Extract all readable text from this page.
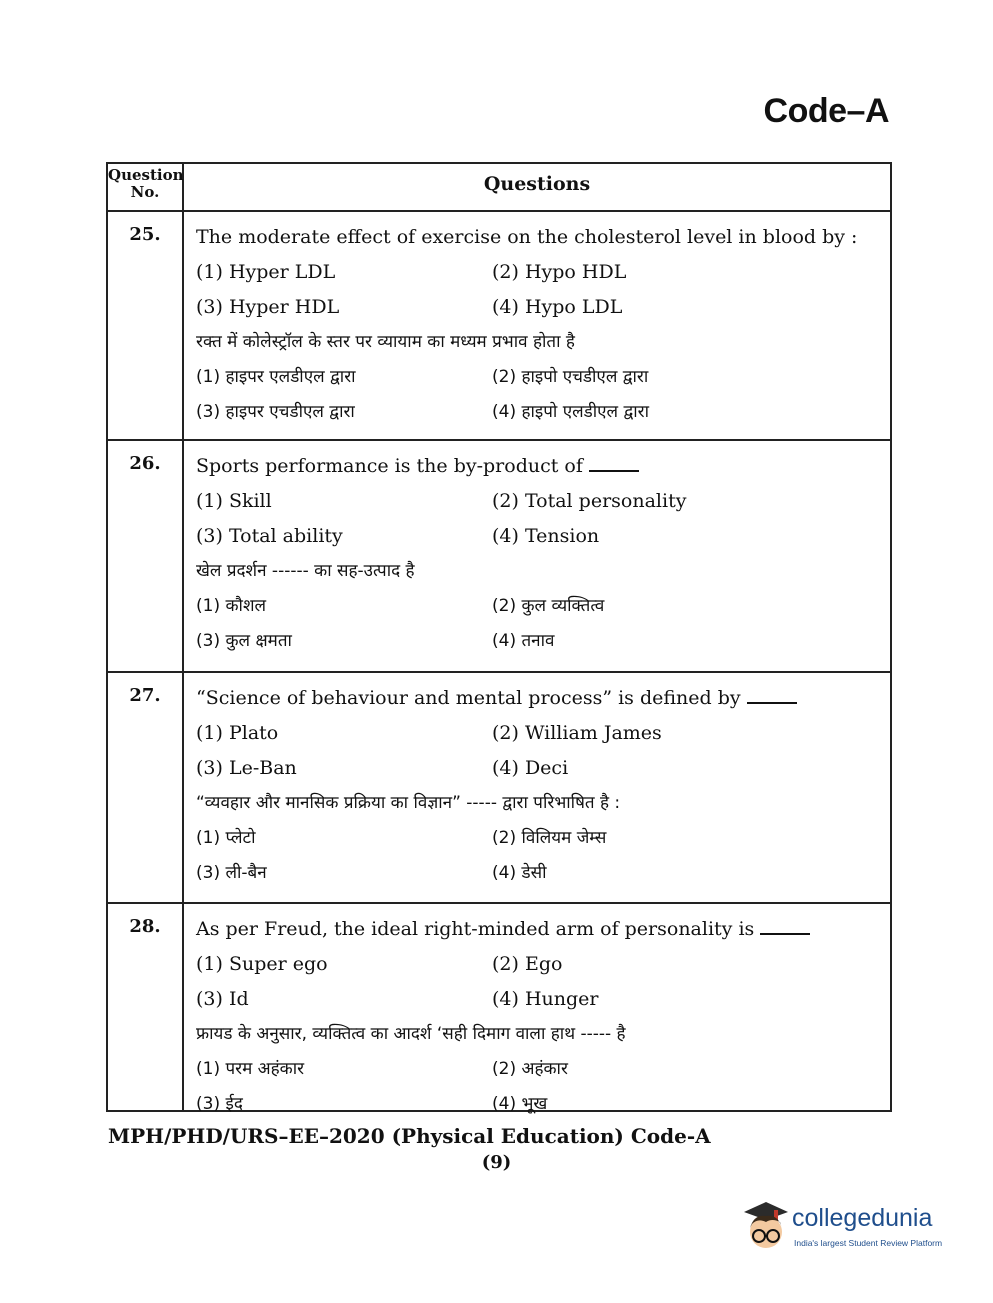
Code–A
Question No.	Questions
25.	The moderate effect of exercise on the cholesterol level in blood by :
(1) Hyper LDL	(2) Hypo HDL
(3) Hyper HDL	(4) Hypo LDL
रक्त में कोलेस्ट्रॉल के स्तर पर व्यायाम का मध्यम प्रभाव होता है
(1) हाइपर एलडीएल द्वारा	(2) हाइपो एचडीएल द्वारा
(3) हाइपर एचडीएल द्वारा	(4) हाइपो एलडीएल द्वारा
26.	Sports performance is the by-product of
(1) Skill	(2) Total personality
(3) Total ability	(4) Tension
खेल प्रदर्शन ------ का सह-उत्पाद है
(1) कौशल	(2) कुल व्यक्तित्व
(3) कुल क्षमता	(4) तनाव
27.	“Science of behaviour and mental process” is defined by
(1) Plato	(2) William James
(3) Le-Ban	(4) Deci
“व्यवहार और मानसिक प्रक्रिया का विज्ञान” ----- द्वारा परिभाषित है :
(1) प्लेटो	(2) विलियम जेम्स
(3) ली-बैन	(4) डेसी
28.	As per Freud, the ideal right-minded arm of personality is
(1) Super ego	(2) Ego
(3) Id	(4) Hunger
फ्रायड के अनुसार, व्यक्तित्व का आदर्श ‘सही दिमाग वाला हाथ ----- है
(1) परम अहंकार	(2) अहंकार
(3) ईद	(4) भूख
MPH/PHD/URS–EE–2020 (Physical Education) Code-A
(9)
collegedunia
India's largest Student Review Platform
